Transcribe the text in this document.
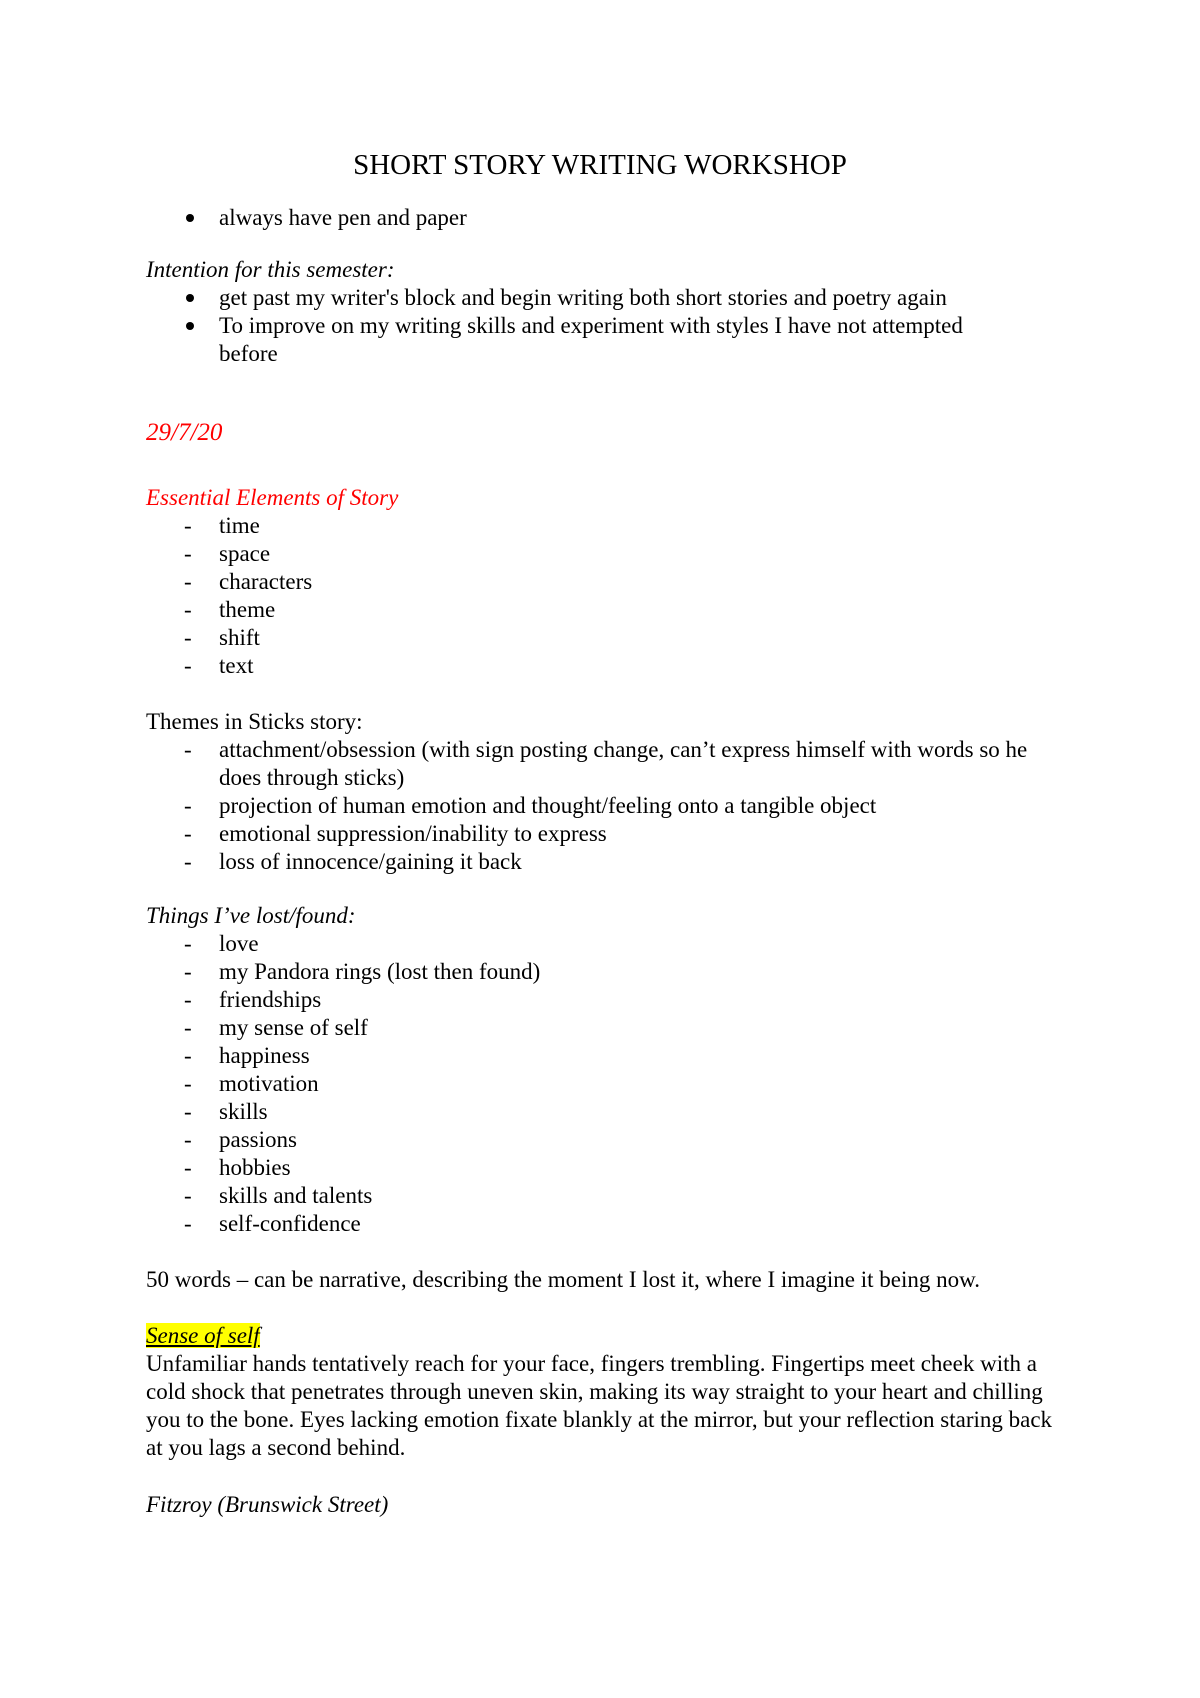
SHORT STORY WRITING WORKSHOP
always have pen and paper

Intention for this semester:

get past my writer's block and begin writing both short stories and poetry again
To improve on my writing skills and experiment with styles I have not attempted before

29/7/20

Essential Elements of Story

- time
- space
- characters
- theme
- shift
- text

Themes in Sticks story:

- attachment/obsession (with sign posting change, can’t express himself with words so he does through sticks)
- projection of human emotion and thought/feeling onto a tangible object
- emotional suppression/inability to express
- loss of innocence/gaining it back

Things I’ve lost/found:

- love
- my Pandora rings (lost then found)
- friendships
- my sense of self
- happiness
- motivation
- skills
- passions
- hobbies
- skills and talents
- self-confidence

50 words – can be narrative, describing the moment I lost it, where I imagine it being now.

Sense of self

Unfamiliar hands tentatively reach for your face, fingers trembling. Fingertips meet cheek with a cold shock that penetrates through uneven skin, making its way straight to your heart and chilling you to the bone. Eyes lacking emotion fixate blankly at the mirror, but your reflection staring back at you lags a second behind.

Fitzroy (Brunswick Street)
